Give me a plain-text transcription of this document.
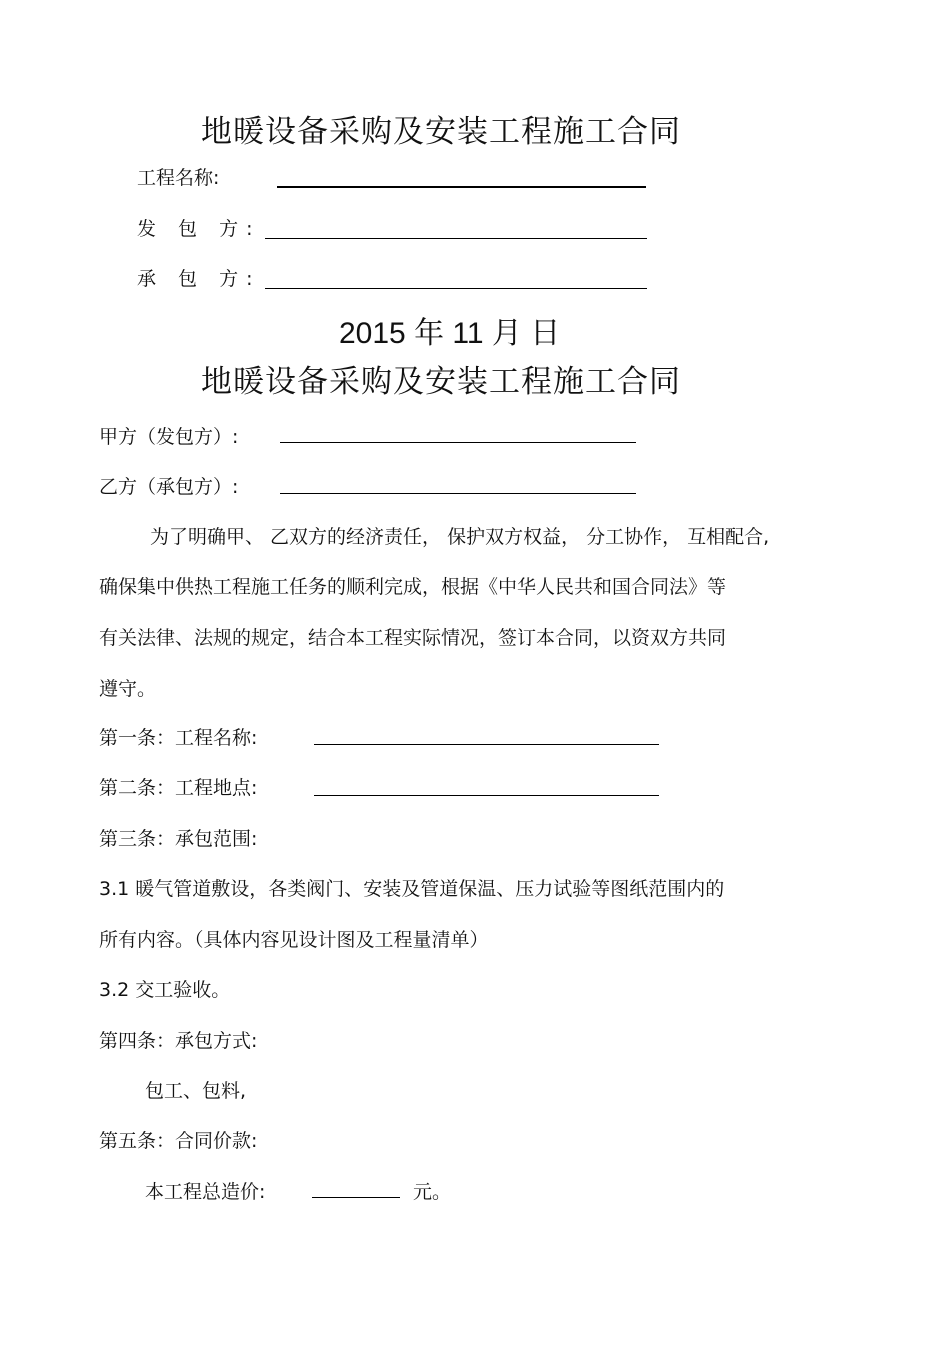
地暖设备采购及安装工程施工合同
工程名称:
发 包 方:
承 包 方:
2015 年 11 月 日
地暖设备采购及安装工程施工合同
甲方（发包方）:
乙方（承包方）:
为了明确甲、 乙双方的经济责任， 保护双方权益， 分工协作， 互相配合,
确保集中供热工程施工任务的顺利完成，根据《中华人民共和国合同法》等
有关法律、法规的规定，结合本工程实际情况，签订本合同，以资双方共同
遵守。
第一条：工程名称:
第二条：工程地点:
第三条：承包范围:
3.1 暖气管道敷设，各类阀门、安装及管道保温、压力试验等图纸范围内的
所有内容。（具体内容见设计图及工程量清单）
3.2 交工验收。
第四条：承包方式:
包工、包料,
第五条：合同价款:
本工程总造价:	元。
